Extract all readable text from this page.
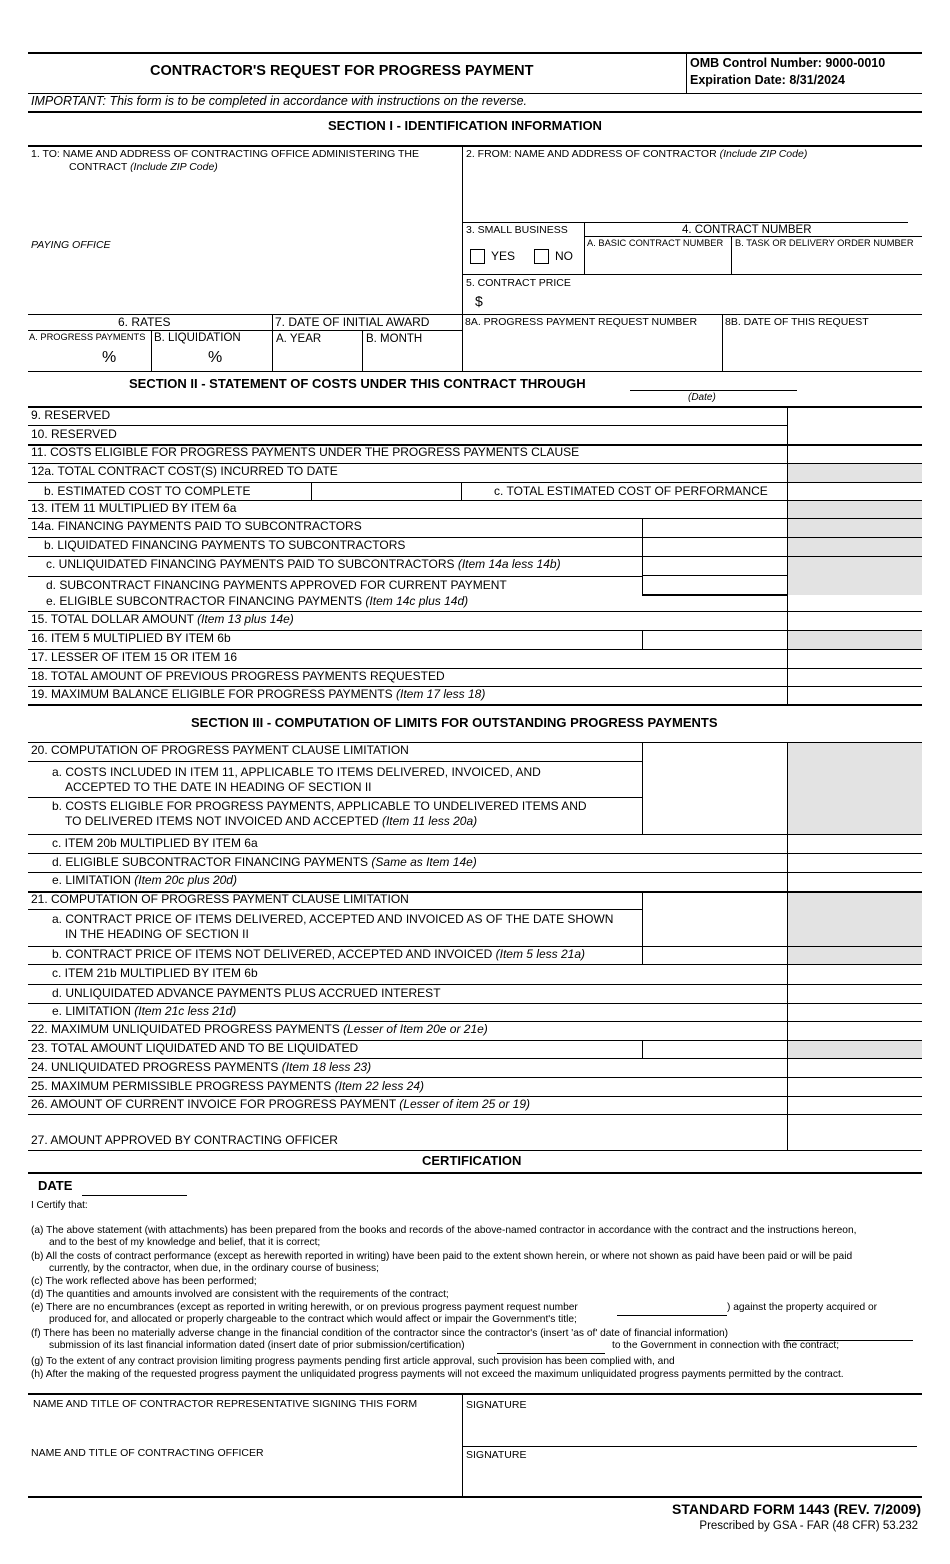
CONTRACTOR'S REQUEST FOR PROGRESS PAYMENT	OMB Control Number: 9000-0010
Expiration Date: 8/31/2024
IMPORTANT: This form is to be completed in accordance with instructions on the reverse.
SECTION I - IDENTIFICATION INFORMATION
1. TO: NAME AND ADDRESS OF CONTRACTING OFFICE ADMINISTERING THE
CONTRACT (Include ZIP Code)
2. FROM: NAME AND ADDRESS OF CONTRACTOR (Include ZIP Code)
PAYING OFFICE
3. SMALL BUSINESS
YES	NO
4. CONTRACT NUMBER
A. BASIC CONTRACT NUMBER B. TASK OR DELIVERY ORDER NUMBER
5. CONTRACT PRICE
$
6. RATES	7. DATE OF INITIAL AWARD
A. PROGRESS PAYMENTS B. LIQUIDATION
%	%
A. YEAR	B. MONTH
8A. PROGRESS PAYMENT REQUEST NUMBER	8B. DATE OF THIS REQUEST
SECTION II - STATEMENT OF COSTS UNDER THIS CONTRACT THROUGH
(Date)
9. RESERVED
10. RESERVED
11. COSTS ELIGIBLE FOR PROGRESS PAYMENTS UNDER THE PROGRESS PAYMENTS CLAUSE
12a. TOTAL CONTRACT COST(S) INCURRED TO DATE
b. ESTIMATED COST TO COMPLETE	c. TOTAL ESTIMATED COST OF PERFORMANCE
13. ITEM 11 MULTIPLIED BY ITEM 6a
14a. FINANCING PAYMENTS PAID TO SUBCONTRACTORS
b. LIQUIDATED FINANCING PAYMENTS TO SUBCONTRACTORS
c. UNLIQUIDATED FINANCING PAYMENTS PAID TO SUBCONTRACTORS (Item 14a less 14b)
d. SUBCONTRACT FINANCING PAYMENTS APPROVED FOR CURRENT PAYMENT
e. ELIGIBLE SUBCONTRACTOR FINANCING PAYMENTS (Item 14c plus 14d)
15. TOTAL DOLLAR AMOUNT (Item 13 plus 14e)
16. ITEM 5 MULTIPLIED BY ITEM 6b
17. LESSER OF ITEM 15 OR ITEM 16
18. TOTAL AMOUNT OF PREVIOUS PROGRESS PAYMENTS REQUESTED
19. MAXIMUM BALANCE ELIGIBLE FOR PROGRESS PAYMENTS (Item 17 less 18)
SECTION III - COMPUTATION OF LIMITS FOR OUTSTANDING PROGRESS PAYMENTS
20. COMPUTATION OF PROGRESS PAYMENT CLAUSE LIMITATION
a. COSTS INCLUDED IN ITEM 11, APPLICABLE TO ITEMS DELIVERED, INVOICED, AND
ACCEPTED TO THE DATE IN HEADING OF SECTION II
b. COSTS ELIGIBLE FOR PROGRESS PAYMENTS, APPLICABLE TO UNDELIVERED ITEMS AND
TO DELIVERED ITEMS NOT INVOICED AND ACCEPTED (Item 11 less 20a)
c. ITEM 20b MULTIPLIED BY ITEM 6a
d. ELIGIBLE SUBCONTRACTOR FINANCING PAYMENTS (Same as Item 14e)
e. LIMITATION (Item 20c plus 20d)
21. COMPUTATION OF PROGRESS PAYMENT CLAUSE LIMITATION
a. CONTRACT PRICE OF ITEMS DELIVERED, ACCEPTED AND INVOICED AS OF THE DATE SHOWN
IN THE HEADING OF SECTION II
b. CONTRACT PRICE OF ITEMS NOT DELIVERED, ACCEPTED AND INVOICED (Item 5 less 21a)
c. ITEM 21b MULTIPLIED BY ITEM 6b
d. UNLIQUIDATED ADVANCE PAYMENTS PLUS ACCRUED INTEREST
e. LIMITATION (Item 21c less 21d)
22. MAXIMUM UNLIQUIDATED PROGRESS PAYMENTS (Lesser of Item 20e or 21e)
23. TOTAL AMOUNT LIQUIDATED AND TO BE LIQUIDATED
24. UNLIQUIDATED PROGRESS PAYMENTS (Item 18 less 23)
25. MAXIMUM PERMISSIBLE PROGRESS PAYMENTS (Item 22 less 24)
26. AMOUNT OF CURRENT INVOICE FOR PROGRESS PAYMENT (Lesser of item 25 or 19)
27. AMOUNT APPROVED BY CONTRACTING OFFICER
CERTIFICATION
DATE
I Certify that:
(a) The above statement (with attachments) has been prepared from the books and records of the above-named contractor in accordance with the contract and the instructions hereon,
and to the best of my knowledge and belief, that it is correct;
(b) All the costs of contract performance (except as herewith reported in writing) have been paid to the extent shown herein, or where not shown as paid have been paid or will be paid
currently, by the contractor, when due, in the ordinary course of business;
(c) The work reflected above has been performed;
(d) The quantities and amounts involved are consistent with the requirements of the contract;
(e) There are no encumbrances (except as reported in writing herewith, or on previous progress payment request number	) against the property acquired or
produced for, and allocated or properly chargeable to the contract which would affect or impair the Government's title;
(f) There has been no materially adverse change in the financial condition of the contractor since the contractor's (insert 'as of' date of financial information)
submission of its last financial information dated (insert date of prior submission/certification)	to the Government in connection with the contract;
(g) To the extent of any contract provision limiting progress payments pending first article approval, such provision has been complied with, and
(h) After the making of the requested progress payment the unliquidated progress payments will not exceed the maximum unliquidated progress payments permitted by the contract.
NAME AND TITLE OF CONTRACTOR REPRESENTATIVE SIGNING THIS FORM	SIGNATURE
NAME AND TITLE OF CONTRACTING OFFICER	SIGNATURE
STANDARD FORM 1443 (REV. 7/2009)
Prescribed by GSA - FAR (48 CFR) 53.232
